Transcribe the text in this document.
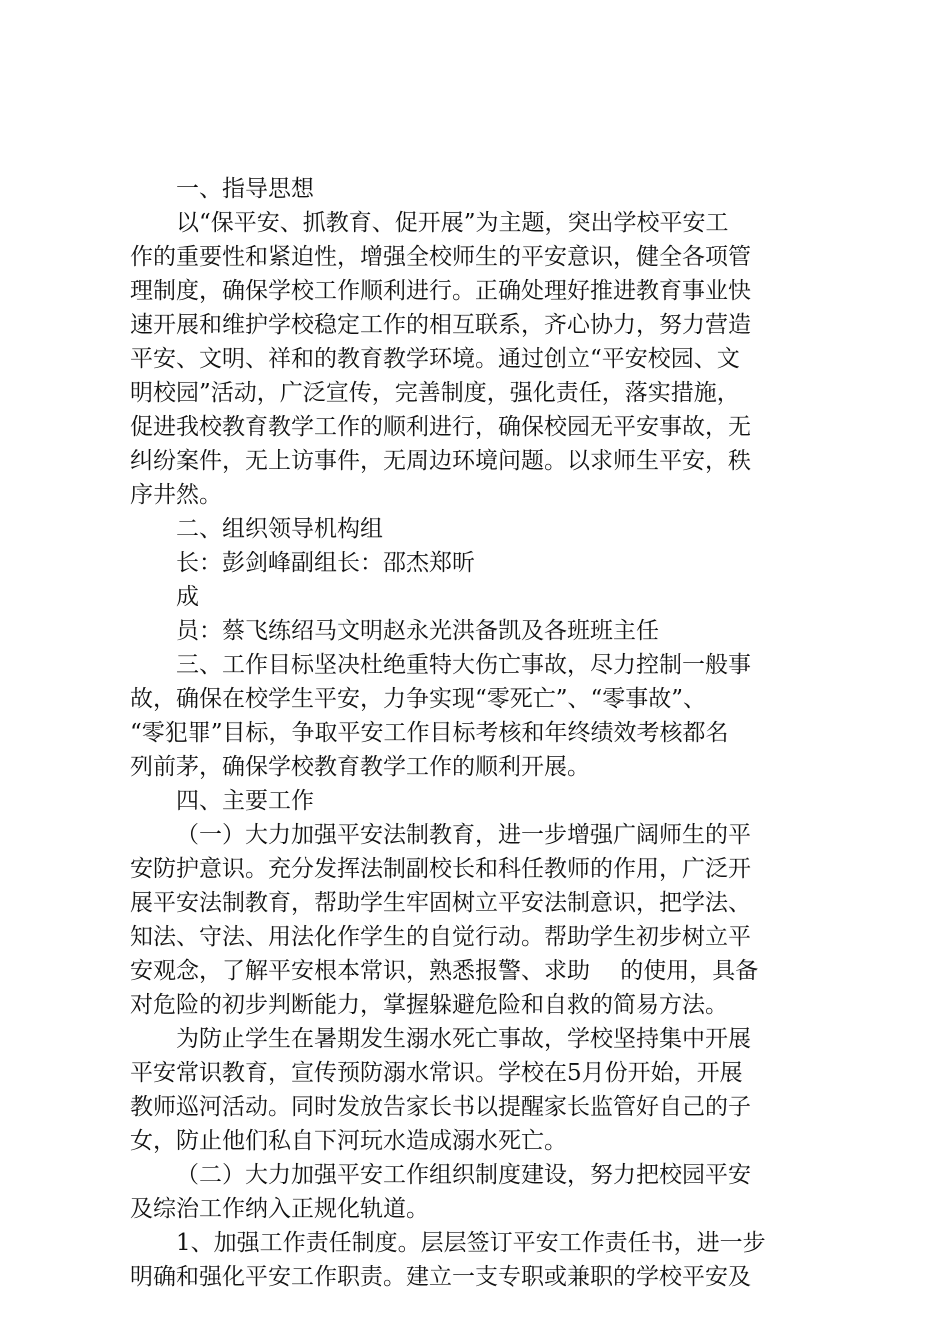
一、指导思想
以“保平安、抓教育、促开展”为主题，突出学校平安工
作的重要性和紧迫性，增强全校师生的平安意识，健全各项管
理制度，确保学校工作顺利进行。正确处理好推进教育事业快
速开展和维护学校稳定工作的相互联系，齐心协力，努力营造
平安、文明、祥和的教育教学环境。通过创立“平安校园、文
明校园”活动，广泛宣传，完善制度，强化责任，落实措施，
促进我校教育教学工作的顺利进行，确保校园无平安事故，无
纠纷案件，无上访事件，无周边环境问题。以求师生平安，秩
序井然。
二、组织领导机构组
长：彭剑峰副组长：邵杰郑昕
成
员：蔡飞练绍马文明赵永光洪备凯及各班班主任
三、工作目标坚决杜绝重特大伤亡事故，尽力控制一般事
故，确保在校学生平安，力争实现“零死亡”、“零事故”、
“零犯罪”目标，争取平安工作目标考核和年终绩效考核都名
列前茅，确保学校教育教学工作的顺利开展。
四、主要工作
（一）大力加强平安法制教育，进一步增强广阔师生的平
安防护意识。充分发挥法制副校长和科任教师的作用，广泛开
展平安法制教育，帮助学生牢固树立平安法制意识，把学法、
知法、守法、用法化作学生的自觉行动。帮助学生初步树立平
安观念，了解平安根本常识，熟悉报警、求助　 的使用，具备
对危险的初步判断能力，掌握躲避危险和自救的简易方法。
为防止学生在暑期发生溺水死亡事故，学校坚持集中开展
平安常识教育，宣传预防溺水常识。学校在5月份开始，开展
教师巡河活动。同时发放告家长书以提醒家长监管好自己的子
女，防止他们私自下河玩水造成溺水死亡。
（二）大力加强平安工作组织制度建设，努力把校园平安
及综治工作纳入正规化轨道。
1、加强工作责任制度。层层签订平安工作责任书，进一步
明确和强化平安工作职责。建立一支专职或兼职的学校平安及
